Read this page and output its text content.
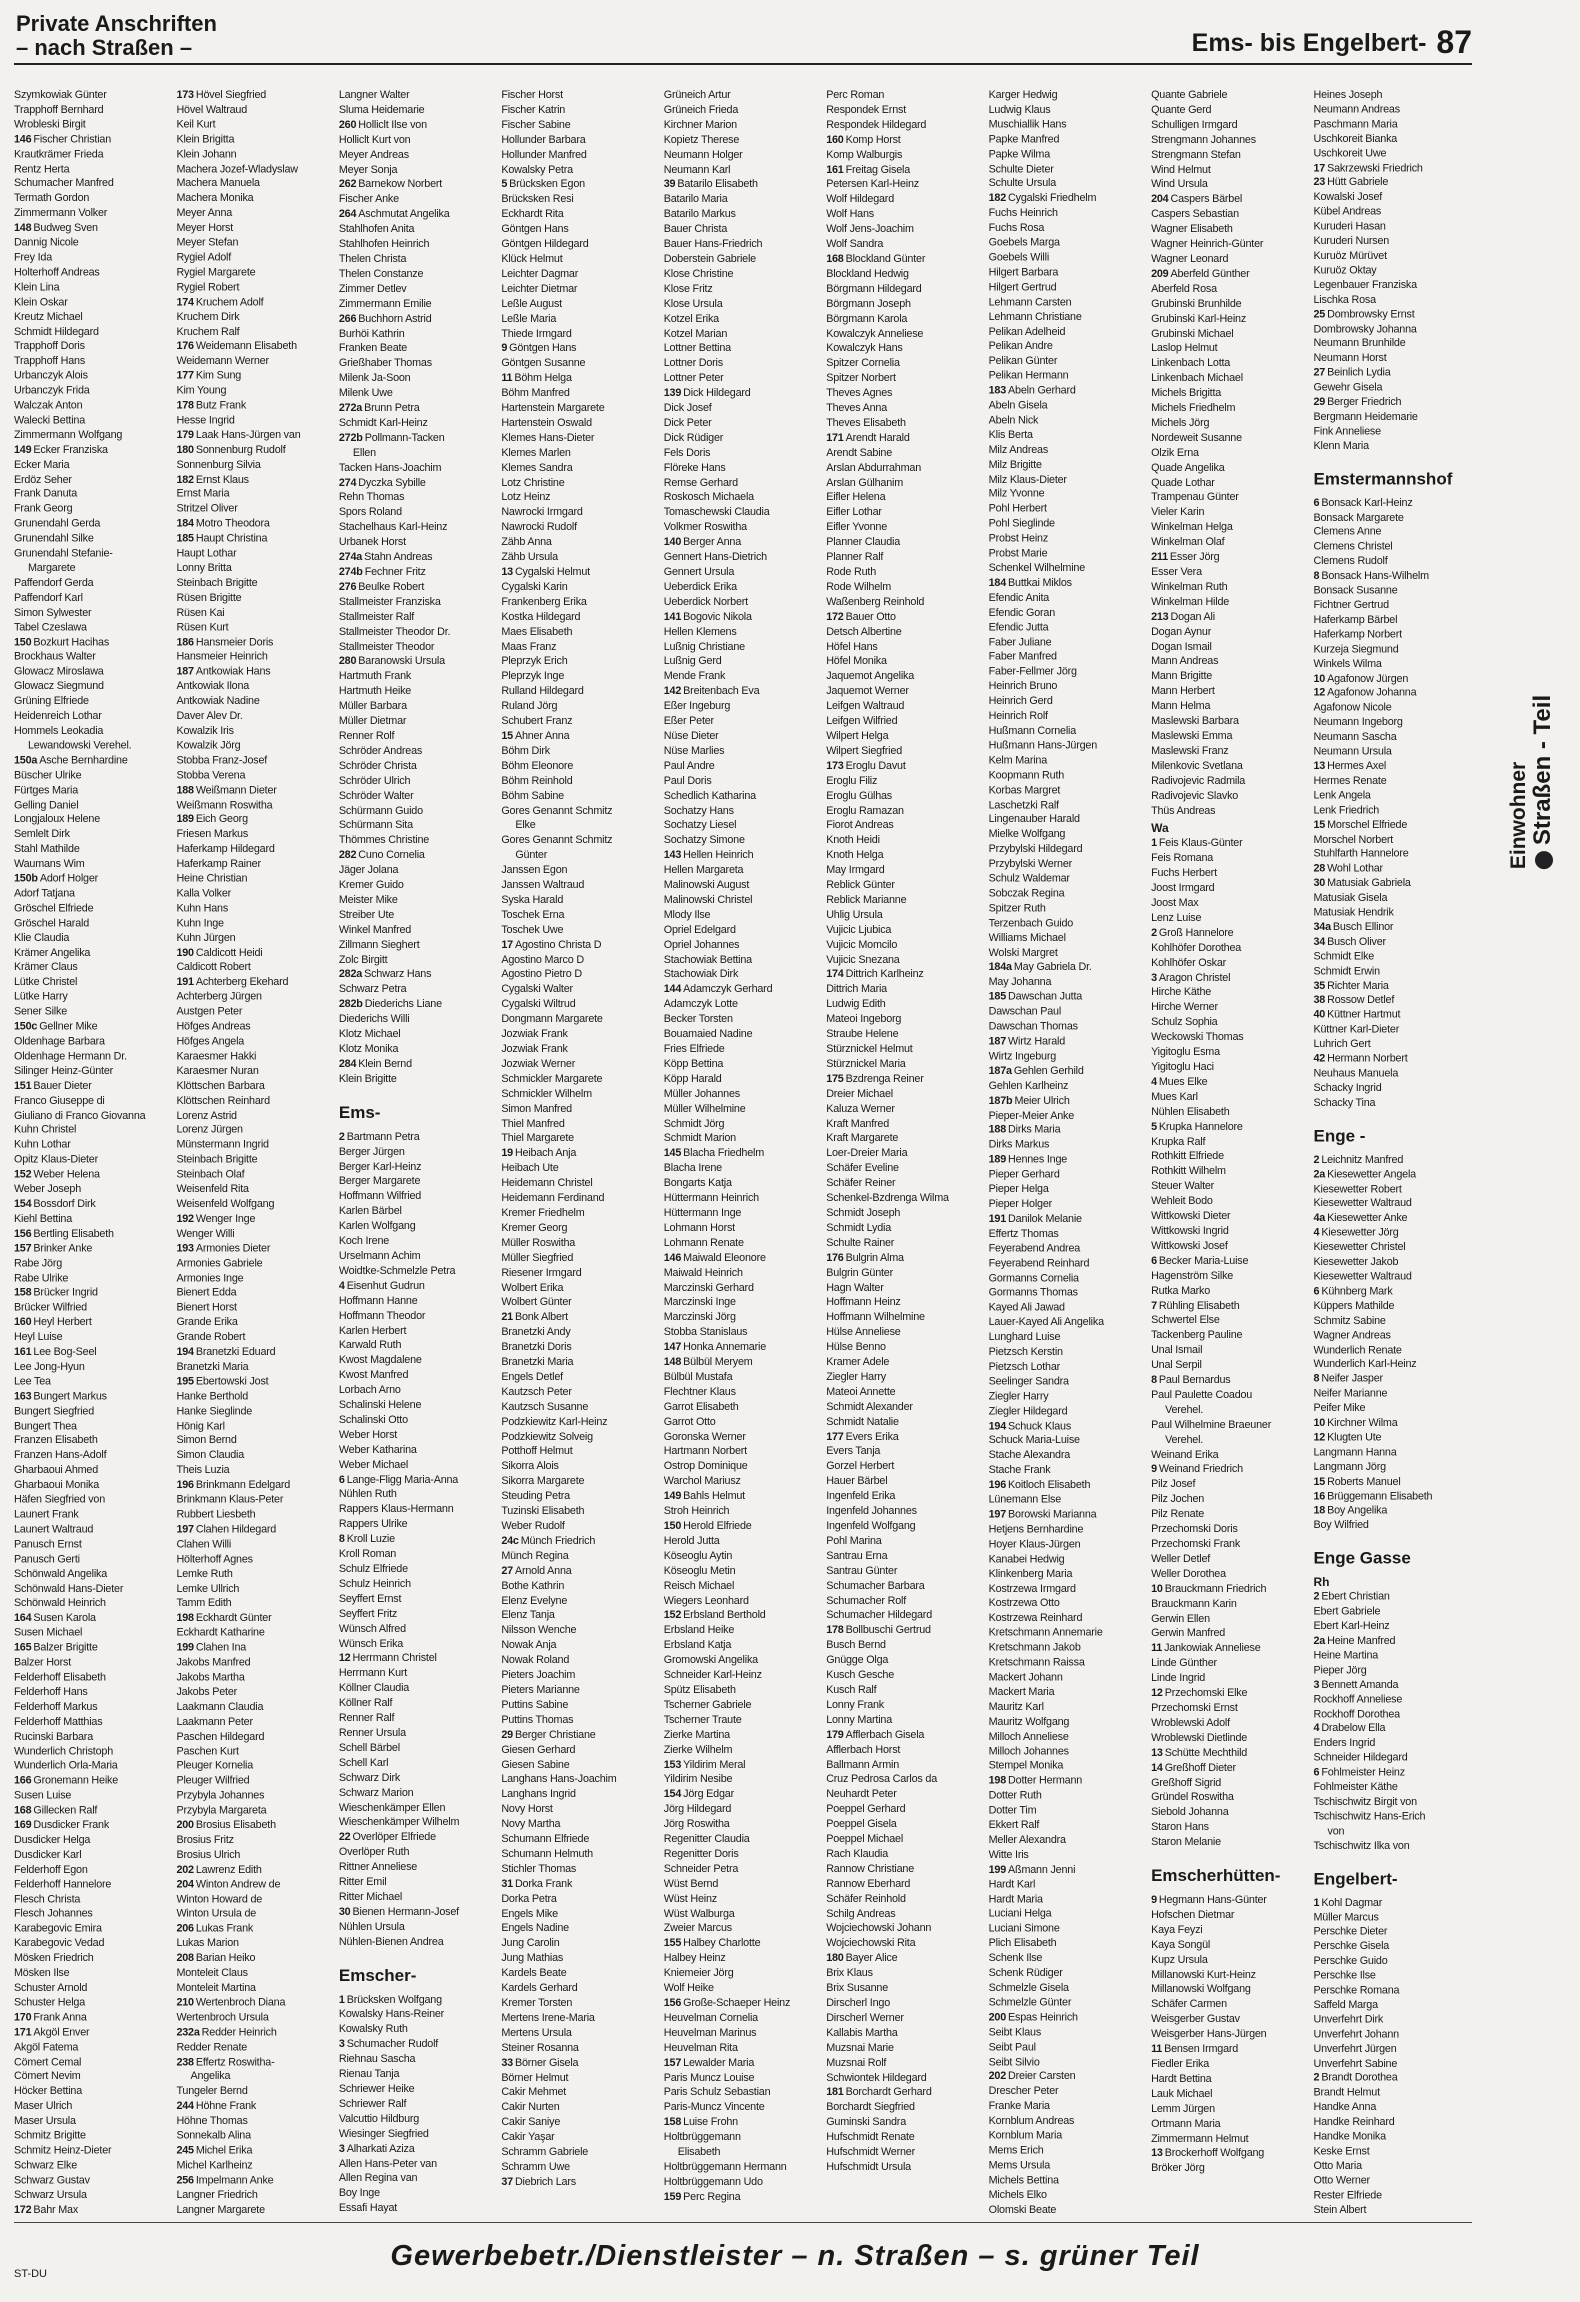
Private Anschriften
– nach Straßen –	Ems- bis Engelbert- 87
Szymkowiak Günter
Trapphoff Bernhard
Wrobleski Birgit
146 Fischer Christian
Krautkrämer Frieda
Rentz Herta
Schumacher Manfred
Termath Gordon
Zimmermann Volker
148 Budweg Sven
Dannig Nicole
Frey Ida
Holterhoff Andreas
Klein Lina
Klein Oskar
Kreutz Michael
Schmidt Hildegard
Trapphoff Doris
Trapphoff Hans
Urbanczyk Alois
Urbanczyk Frida
Walczak Anton
Walecki Bettina
Zimmermann Wolfgang
149 Ecker Franziska
Ecker Maria
Erdöz Seher
Frank Danuta
Frank Georg
Grunendahl Gerda
Grunendahl Silke
Grunendahl Stefanie-
Margarete
Paffendorf Gerda
Paffendorf Karl
Simon Sylwester
Tabel Czeslawa
150 Bozkurt Hacihas
Brockhaus Walter
Glowacz Miroslawa
Glowacz Siegmund
Grüning Elfriede
Heidenreich Lothar
Hommels Leokadia
Lewandowski Verehel.
150a Asche Bernhardine
Büscher Ulrike
Fürtges Maria
Gelling Daniel
Longjaloux Helene
Semlelt Dirk
Stahl Mathilde
Waumans Wim
150b Adorf Holger
Adorf Tatjana
Gröschel Elfriede
Gröschel Harald
Klie Claudia
Krämer Angelika
Krämer Claus
Lütke Christel
Lütke Harry
Sener Silke
150c Gellner Mike
Oldenhage Barbara
Oldenhage Hermann Dr.
Silinger Heinz-Günter
151 Bauer Dieter
Franco Giuseppe di
Giuliano di Franco Giovanna
Kuhn Christel
Kuhn Lothar
Opitz Klaus-Dieter
152 Weber Helena
Weber Joseph
154 Bossdorf Dirk
Kiehl Bettina
156 Bertling Elisabeth
157 Brinker Anke
Rabe Jörg
Rabe Ulrike
158 Brücker Ingrid
Brücker Wilfried
160 Heyl Herbert
Heyl Luise
161 Lee Bog-Seel
Lee Jong-Hyun
Lee Tea
163 Bungert Markus
Bungert Siegfried
Bungert Thea
Franzen Elisabeth
Franzen Hans-Adolf
Gharbaoui Ahmed
Gharbaoui Monika
Häfen Siegfried von
Launert Frank
Launert Waltraud
Panusch Ernst
Panusch Gerti
Schönwald Angelika
Schönwald Hans-Dieter
Schönwald Heinrich
164 Susen Karola
Susen Michael
165 Balzer Brigitte
Balzer Horst
Felderhoff Elisabeth
Felderhoff Hans
Felderhoff Markus
Felderhoff Matthias
Rucinski Barbara
Wunderlich Christoph
Wunderlich Orla-Maria
166 Gronemann Heike
Susen Luise
168 Gillecken Ralf
169 Dusdicker Frank
Dusdicker Helga
Dusdicker Karl
Felderhoff Egon
Felderhoff Hannelore
Flesch Christa
Flesch Johannes
Karabegovic Emira
Karabegovic Vedad
Mösken Friedrich
Mösken Ilse
Schuster Arnold
Schuster Helga
170 Frank Anna
171 Akgöl Enver
Akgöl Fatema
Cömert Cemal
Cömert Nevim
Höcker Bettina
Maser Ulrich
Maser Ursula
Schmitz Brigitte
Schmitz Heinz-Dieter
Schwarz Elke
Schwarz Gustav
Schwarz Ursula
172 Bahr Max
173 Hövel Siegfried
Hövel Waltraud
Keil Kurt
Klein Brigitta
Klein Johann
Machera Jozef-Wladyslaw
Machera Manuela
Machera Monika
Meyer Anna
Meyer Horst
Meyer Stefan
Rygiel Adolf
Rygiel Margarete
Rygiel Robert
174 Kruchem Adolf
Kruchem Dirk
Kruchem Ralf
176 Weidemann Elisabeth
Weidemann Werner
177 Kim Sung
Kim Young
178 Butz Frank
Hesse Ingrid
179 Laak Hans-Jürgen van
180 Sonnenburg Rudolf
Sonnenburg Silvia
182 Ernst Klaus
Ernst Maria
Stritzel Oliver
184 Motro Theodora
185 Haupt Christina
Haupt Lothar
Lonny Britta
Steinbach Brigitte
Rüsen Brigitte
Rüsen Kai
Rüsen Kurt
186 Hansmeier Doris
Hansmeier Heinrich
187 Antkowiak Hans
Antkowiak Ilona
Antkowiak Nadine
Daver Alev Dr.
Kowalzik Iris
Kowalzik Jörg
Stobba Franz-Josef
Stobba Verena
188 Weißmann Dieter
Weißmann Roswitha
189 Eich Georg
Friesen Markus
Haferkamp Hildegard
Haferkamp Rainer
Heine Christian
Kalla Volker
Kuhn Hans
Kuhn Inge
Kuhn Jürgen
190 Caldicott Heidi
Caldicott Robert
191 Achterberg Ekehard
Achterberg Jürgen
Austgen Peter
Höfges Andreas
Höfges Angela
Karaesmer Hakki
Karaesmer Nuran
Klöttschen Barbara
Klöttschen Reinhard
Lorenz Astrid
Lorenz Jürgen
Münstermann Ingrid
Steinbach Brigitte
Steinbach Olaf
Weisenfeld Rita
Weisenfeld Wolfgang
192 Wenger Inge
Wenger Willi
193 Armonies Dieter
Armonies Gabriele
Armonies Inge
Bienert Edda
Bienert Horst
Grande Erika
Grande Robert
194 Branetzki Eduard
Branetzki Maria
195 Ebertowski Jost
Hanke Berthold
Hanke Sieglinde
Hönig Karl
Simon Bernd
Simon Claudia
Theis Luzia
196 Brinkmann Edelgard
Brinkmann Klaus-Peter
Rubbert Liesbeth
197 Clahen Hildegard
Clahen Willi
Hölterhoff Agnes
Lemke Ruth
Lemke Ullrich
Tamm Edith
198 Eckhardt Günter
Eckhardt Katharine
199 Clahen Ina
Jakobs Manfred
Jakobs Martha
Jakobs Peter
Laakmann Claudia
Laakmann Peter
Paschen Hildegard
Paschen Kurt
Pleuger Kornelia
Pleuger Wilfried
Przybyla Johannes
Przybyla Margareta
200 Brosius Elisabeth
Brosius Fritz
Brosius Ulrich
202 Lawrenz Edith
204 Winton Andrew de
Winton Howard de
Winton Ursula de
206 Lukas Frank
Lukas Marion
208 Barian Heiko
Monteleit Claus
Monteleit Martina
210 Wertenbroch Diana
Wertenbroch Ursula
232a Redder Heinrich
Redder Renate
238 Effertz Roswitha-
Angelika
Tungeler Bernd
244 Höhne Frank
Höhne Thomas
Sonnekalb Alina
245 Michel Erika
Michel Karlheinz
256 Impelmann Anke
Langner Friedrich
Langner Margarete
Langner Walter
Sluma Heidemarie
260 Holliclt Ilse von
Holliclt Kurt von
Meyer Andreas
Meyer Sonja
262 Barnekow Norbert
Fischer Anke
264 Aschmutat Angelika
Stahlhofen Anita
Stahlhofen Heinrich
Thelen Christa
Thelen Constanze
Zimmer Detlev
Zimmermann Emilie
266 Buchhorn Astrid
Burhöi Kathrin
Franken Beate
Grießhaber Thomas
Milenk Ja-Soon
Milenk Uwe
272a Brunn Petra
Schmidt Karl-Heinz
272b Pollmann-Tacken
Ellen
Tacken Hans-Joachim
274 Dyczka Sybille
Rehn Thomas
Spors Roland
Stachelhaus Karl-Heinz
Urbanek Horst
274a Stahn Andreas
274b Fechner Fritz
276 Beulke Robert
Stallmeister Franziska
Stallmeister Ralf
Stallmeister Theodor Dr.
Stallmeister Theodor
280 Baranowski Ursula
Hartmuth Frank
Hartmuth Heike
Müller Barbara
Müller Dietmar
Renner Rolf
Schröder Andreas
Schröder Christa
Schröder Ulrich
Schröder Walter
Schürmann Guido
Schürmann Sita
Thömmes Christine
282 Cuno Cornelia
Jäger Jolana
Kremer Guido
Meister Mike
Streiber Ute
Winkel Manfred
Zillmann Sieghert
Zolc Birgitt
282a Schwarz Hans
Schwarz Petra
282b Diederichs Liane
Diederichs Willi
Klotz Michael
Klotz Monika
284 Klein Bernd
Klein Brigitte
Ems-
2 Bartmann Petra
Berger Jürgen
Berger Karl-Heinz
Berger Margarete
Hoffmann Wilfried
Karlen Bärbel
Karlen Wolfgang
Koch Irene
Urselmann Achim
Woidtke-Schmelzle Petra
4 Eisenhut Gudrun
Hoffmann Hanne
Hoffmann Theodor
Karlen Herbert
Karwald Ruth
Kwost Magdalene
Kwost Manfred
Lorbach Arno
Schalinski Helene
Schalinski Otto
Weber Horst
Weber Katharina
Weber Michael
6 Lange-Fligg Maria-Anna
Nühlen Ruth
Rappers Klaus-Hermann
Rappers Ulrike
8 Kroll Luzie
Kroll Roman
Schulz Elfriede
Schulz Heinrich
Seyffert Ernst
Seyffert Fritz
Wünsch Alfred
Wünsch Erika
12 Herrmann Christel
Herrmann Kurt
Köllner Claudia
Köllner Ralf
Renner Ralf
Renner Ursula
Schell Bärbel
Schell Karl
Schwarz Dirk
Schwarz Marion
Wieschenkämper Ellen
Wieschenkämper Wilhelm
22 Overlöper Elfriede
Overlöper Ruth
Rittner Anneliese
Ritter Emil
Ritter Michael
30 Bienen Hermann-Josef
Nühlen Ursula
Nühlen-Bienen Andrea
Emscher-
1 Brücksken Wolfgang
Kowalsky Hans-Reiner
Kowalsky Ruth
3 Schumacher Rudolf
Riehnau Sascha
Rienau Tanja
Schriewer Heike
Schriewer Ralf
Valcuttio Hildburg
Wiesinger Siegfried
3 Alharkati Aziza
Allen Hans-Peter van
Allen Regina van
Boy Inge
Essafi Hayat
Fischer Horst
Fischer Katrin
Fischer Sabine
Hollunder Barbara
Hollunder Manfred
Kowalsky Petra
5 Brücksken Egon
Brücksken Resi
Eckhardt Rita
Göntgen Hans
Göntgen Hildegard
Klück Helmut
Leichter Dagmar
Leichter Dietmar
Leßle August
Leßle Maria
Thiede Irmgard
9 Göntgen Hans
Göntgen Susanne
11 Böhm Helga
Böhm Manfred
Hartenstein Margarete
Hartenstein Oswald
Klemes Hans-Dieter
Klemes Marlen
Klemes Sandra
Lotz Christine
Lotz Heinz
Nawrocki Irmgard
Nawrocki Rudolf
Zähb Anna
Zähb Ursula
13 Cygalski Helmut
Cygalski Karin
Frankenberg Erika
Kostka Hildegard
Maes Elisabeth
Maas Franz
Pleprzyk Erich
Pleprzyk Inge
Rulland Hildegard
Ruland Jörg
Schubert Franz
15 Ahner Anna
Böhm Dirk
Böhm Eleonore
Böhm Reinhold
Böhm Sabine
Gores Genannt Schmitz
Elke
Gores Genannt Schmitz
Günter
Janssen Egon
Janssen Waltraud
Syska Harald
Toschek Erna
Toschek Uwe
17 Agostino Christa D
Agostino Marco D
Agostino Pietro D
Cygalski Walter
Cygalski Wiltrud
Dongmann Margarete
Jozwiak Frank
Jozwiak Frank
Jozwiak Werner
Schmickler Margarete
Schmickler Wilhelm
Simon Manfred
Thiel Manfred
Thiel Margarete
19 Heibach Anja
Heibach Ute
Heidemann Christel
Heidemann Ferdinand
Kremer Friedhelm
Kremer Georg
Müller Roswitha
Müller Siegfried
Riesener Irmgard
Wolbert Erika
Wolbert Günter
21 Bonk Albert
Branetzki Andy
Branetzki Doris
Branetzki Maria
Engels Detlef
Kautzsch Peter
Kautzsch Susanne
Podzkiewitz Karl-Heinz
Podzkiewitz Solveig
Potthoff Helmut
Sikorra Alois
Sikorra Margarete
Steuding Petra
Tuzinski Elisabeth
Weber Rudolf
24c Münch Friedrich
Münch Regina
27 Arnold Anna
Bothe Kathrin
Elenz Evelyne
Elenz Tanja
Nilsson Wenche
Nowak Anja
Nowak Roland
Pieters Joachim
Pieters Marianne
Puttins Sabine
Puttins Thomas
29 Berger Christiane
Giesen Gerhard
Giesen Sabine
Langhans Hans-Joachim
Langhans Ingrid
Novy Horst
Novy Martha
Schumann Elfriede
Schumann Helmuth
Stichler Thomas
31 Dorka Frank
Dorka Petra
Engels Mike
Engels Nadine
Jung Carolin
Jung Mathias
Kardels Beate
Kardels Gerhard
Kremer Torsten
Mertens Irene-Maria
Mertens Ursula
Steiner Rosanna
33 Börner Gisela
Börner Helmut
Cakir Mehmet
Cakir Nurten
Cakir Saniye
Cakir Yaşar
Schramm Gabriele
Schramm Uwe
37 Diebrich Lars
Grüneich Artur
Grüneich Frieda
Kirchner Marion
Kopietz Therese
Neumann Holger
Neumann Karl
39 Batarilo Elisabeth
Batarilo Maria
Batarilo Markus
Bauer Christa
Bauer Hans-Friedrich
Doberstein Gabriele
Klose Christine
Klose Fritz
Klose Ursula
Kotzel Erika
Kotzel Marian
Lottner Bettina
Lottner Doris
Lottner Peter
139 Dick Hildegard
Dick Josef
Dick Peter
Dick Rüdiger
Fels Doris
Flöreke Hans
Remse Gerhard
Roskosch Michaela
Tomaschewski Claudia
Volkmer Roswitha
140 Berger Anna
Gennert Hans-Dietrich
Gennert Ursula
Ueberdick Erika
Ueberdick Norbert
141 Bogovic Nikola
Hellen Klemens
Lußnig Christiane
Lußnig Gerd
Mende Frank
142 Breitenbach Eva
Eßer Ingeburg
Eßer Peter
Nüse Dieter
Nüse Marlies
Paul Andre
Paul Doris
Schedlich Katharina
Sochatzy Hans
Sochatzy Liesel
Sochatzy Simone
143 Hellen Heinrich
Hellen Margareta
Malinowski August
Malinowski Christel
Mlody Ilse
Opriel Edelgard
Opriel Johannes
Stachowiak Bettina
Stachowiak Dirk
144 Adamczyk Gerhard
Adamczyk Lotte
Becker Torsten
Bouamaied Nadine
Fries Elfriede
Köpp Bettina
Köpp Harald
Müller Johannes
Müller Wilhelmine
Schmidt Jörg
Schmidt Marion
145 Blacha Friedhelm
Blacha Irene
Bongarts Katja
Hüttermann Heinrich
Hüttermann Inge
Lohmann Horst
Lohmann Renate
146 Maiwald Eleonore
Maiwald Heinrich
Marczinski Gerhard
Marczinski Inge
Marczinski Jörg
Stobba Stanislaus
147 Honka Annemarie
148 Bülbül Meryem
Bülbül Mustafa
Flechtner Klaus
Garrot Elisabeth
Garrot Otto
Goronska Werner
Hartmann Norbert
Ostrop Dominique
Warchol Mariusz
149 Bahls Helmut
Stroh Heinrich
150 Herold Elfriede
Herold Jutta
Köseoglu Aytin
Köseoglu Metin
Reisch Michael
Wiegers Leonhard
152 Erbsland Berthold
Erbsland Heike
Erbsland Katja
Gromowski Angelika
Schneider Karl-Heinz
Spütz Elisabeth
Tscherner Gabriele
Tscherner Traute
Zierke Martina
Zierke Wilhelm
153 Yildirim Meral
Yildirim Nesibe
154 Jörg Edgar
Jörg Hildegard
Jörg Roswitha
Regenitter Claudia
Regenitter Doris
Schneider Petra
Wüst Bernd
Wüst Heinz
Wüst Walburga
Zweier Marcus
155 Halbey Charlotte
Halbey Heinz
Kniemeier Jörg
Wolf Heike
156 Große-Schaeper Heinz
Heuvelman Cornelia
Heuvelman Marinus
Heuvelman Rita
157 Lewalder Maria
Paris Muncz Louise
Paris Schulz Sebastian
Paris-Muncz Vincente
158 Luise Frohn
Holtbrüggemann
Elisabeth
Holtbrüggemann Hermann
Holtbrüggemann Udo
159 Perc Regina
Perc Roman
Respondek Ernst
Respondek Hildegard
160 Komp Horst
Komp Walburgis
161 Freitag Gisela
Petersen Karl-Heinz
Wolf Hildegard
Wolf Hans
Wolf Jens-Joachim
Wolf Sandra
168 Blockland Günter
Blockland Hedwig
Börgmann Hildegard
Börgmann Joseph
Börgmann Karola
Kowalczyk Anneliese
Kowalczyk Hans
Spitzer Cornelia
Spitzer Norbert
Theves Agnes
Theves Anna
Theves Elisabeth
171 Arendt Harald
Arendt Sabine
Arslan Abdurrahman
Arslan Gülhanim
Eifler Helena
Eifler Lothar
Eifler Yvonne
Planner Claudia
Planner Ralf
Rode Ruth
Rode Wilhelm
Waßenberg Reinhold
172 Bauer Otto
Detsch Albertine
Höfel Hans
Höfel Monika
Jaquemot Angelika
Jaquemot Werner
Leifgen Waltraud
Leifgen Wilfried
Wilpert Helga
Wilpert Siegfried
173 Eroglu Davut
Eroglu Filiz
Eroglu Gülhas
Eroglu Ramazan
Fiorot Andreas
Knoth Heidi
Knoth Helga
May Irmgard
Reblick Günter
Reblick Marianne
Uhlig Ursula
Vujicic Ljubica
Vujicic Momcilo
Vujicic Snezana
174 Dittrich Karlheinz
Dittrich Maria
Ludwig Edith
Mateoi Ingeborg
Straube Helene
Stürznickel Helmut
Stürznickel Maria
175 Bzdrenga Reiner
Dreier Michael
Kaluza Werner
Kraft Manfred
Kraft Margarete
Loer-Dreier Maria
Schäfer Eveline
Schäfer Reiner
Schenkel-Bzdrenga Wilma
Schmidt Joseph
Schmidt Lydia
Schulte Rainer
176 Bulgrin Alma
Bulgrin Günter
Hagn Walter
Hoffmann Heinz
Hoffmann Wilhelmine
Hülse Anneliese
Hülse Benno
Kramer Adele
Ziegler Harry
Mateoi Annette
Schmidt Alexander
Schmidt Natalie
177 Evers Erika
Evers Tanja
Gorzel Herbert
Hauer Bärbel
Ingenfeld Erika
Ingenfeld Johannes
Ingenfeld Wolfgang
Pohl Marina
Santrau Erna
Santrau Günter
Schumacher Barbara
Schumacher Rolf
Schumacher Hildegard
178 Bollbuschi Gertrud
Busch Bernd
Gnügge Olga
Kusch Gesche
Kusch Ralf
Lonny Frank
Lonny Martina
179 Afflerbach Gisela
Afflerbach Horst
Ballmann Armin
Cruz Pedrosa Carlos da
Neuhardt Peter
Poeppel Gerhard
Poeppel Gisela
Poeppel Michael
Rach Klaudia
Rannow Christiane
Rannow Eberhard
Schäfer Reinhold
Schilg Andreas
Wojciechowski Johann
Wojciechowski Rita
180 Bayer Alice
Brix Klaus
Brix Susanne
Dirscherl Ingo
Dirscherl Werner
Kallabis Martha
Muzsnai Marie
Muzsnai Rolf
Schwiontek Hildegard
181 Borchardt Gerhard
Borchardt Siegfried
Guminski Sandra
Hufschmidt Renate
Hufschmidt Werner
Hufschmidt Ursula
Karger Hedwig
Ludwig Klaus
Muschiallik Hans
Papke Manfred
Papke Wilma
Schulte Dieter
Schulte Ursula
182 Cygalski Friedhelm
Fuchs Heinrich
Fuchs Rosa
Goebels Marga
Goebels Willi
Hilgert Barbara
Hilgert Gertrud
Lehmann Carsten
Lehmann Christiane
Pelikan Adelheid
Pelikan Andre
Pelikan Günter
Pelikan Hermann
183 Abeln Gerhard
Abeln Gisela
Abeln Nick
Klis Berta
Milz Andreas
Milz Brigitte
Milz Klaus-Dieter
Milz Yvonne
Pohl Herbert
Pohl Sieglinde
Probst Heinz
Probst Marie
Schenkel Wilhelmine
184 Buttkai Miklos
Efendic Anita
Efendic Goran
Efendic Jutta
Faber Juliane
Faber Manfred
Faber-Fellmer Jörg
Heinrich Bruno
Heinrich Gerd
Heinrich Rolf
Hußmann Cornelia
Hußmann Hans-Jürgen
Kelm Marina
Koopmann Ruth
Korbas Margret
Laschetzki Ralf
Lingenauber Harald
Mielke Wolfgang
Przybylski Hildegard
Przybylski Werner
Schulz Waldemar
Sobczak Regina
Spitzer Ruth
Terzenbach Guido
Williams Michael
Wolski Margret
184a May Gabriela Dr.
May Johanna
185 Dawschan Jutta
Dawschan Paul
Dawschan Thomas
187 Wirtz Harald
Wirtz Ingeburg
187a Gehlen Gerhild
Gehlen Karlheinz
187b Meier Ulrich
Pieper-Meier Anke
188 Dirks Maria
Dirks Markus
189 Hennes Inge
Pieper Gerhard
Pieper Helga
Pieper Holger
191 Danilok Melanie
Effertz Thomas
Feyerabend Andrea
Feyerabend Reinhard
Gormanns Cornelia
Gormanns Thomas
Kayed Ali Jawad
Lauer-Kayed Ali Angelika
Lunghard Luise
Pietzsch Kerstin
Pietzsch Lothar
Seelinger Sandra
Ziegler Harry
Ziegler Hildegard
194 Schuck Klaus
Schuck Maria-Luise
Stache Alexandra
Stache Frank
196 Koitloch Elisabeth
Lünemann Else
197 Borowski Marianna
Hetjens Bernhardine
Hoyer Klaus-Jürgen
Kanabei Hedwig
Klinkenberg Maria
Kostrzewa Irmgard
Kostrzewa Otto
Kostrzewa Reinhard
Kretschmann Annemarie
Kretschmann Jakob
Kretschmann Raissa
Mackert Johann
Mackert Maria
Mauritz Karl
Mauritz Wolfgang
Milloch Anneliese
Milloch Johannes
Stempel Monika
198 Dotter Hermann
Dotter Ruth
Dotter Tim
Ekkert Ralf
Meller Alexandra
Witte Iris
199 Aßmann Jenni
Hardt Karl
Hardt Maria
Luciani Helga
Luciani Simone
Plich Elisabeth
Schenk Ilse
Schenk Rüdiger
Schmelzle Gisela
Schmelzle Günter
200 Espas Heinrich
Seibt Klaus
Seibt Paul
Seibt Silvio
202 Dreier Carsten
Drescher Peter
Franke Maria
Kornblum Andreas
Kornblum Maria
Mems Erich
Mems Ursula
Michels Bettina
Michels Elko
Olomski Beate
Quante Gabriele
Quante Gerd
Schulligen Irmgard
Strengmann Johannes
Strengmann Stefan
Wind Helmut
Wind Ursula
204 Caspers Bärbel
Caspers Sebastian
Wagner Elisabeth
Wagner Heinrich-Günter
Wagner Leonard
209 Aberfeld Günther
Aberfeld Rosa
Grubinski Brunhilde
Grubinski Karl-Heinz
Grubinski Michael
Laslop Helmut
Linkenbach Lotta
Linkenbach Michael
Michels Brigitta
Michels Friedhelm
Michels Jörg
Nordeweit Susanne
Olzik Erna
Quade Angelika
Quade Lothar
Trampenau Günter
Vieler Karin
Winkelman Helga
Winkelman Olaf
211 Esser Jörg
Esser Vera
Winkelman Ruth
Winkelman Hilde
213 Dogan Ali
Dogan Aynur
Dogan Ismail
Mann Andreas
Mann Brigitte
Mann Herbert
Mann Helma
Maslewski Barbara
Maslewski Emma
Maslewski Franz
Milenkovic Svetlana
Radivojevic Radmila
Radivojevic Slavko
Thüs Andreas
Wa
1 Feis Klaus-Günter
Feis Romana
Fuchs Herbert
Joost Irmgard
Joost Max
Lenz Luise
2 Groß Hannelore
Kohlhöfer Dorothea
Kohlhöfer Oskar
3 Aragon Christel
Hirche Käthe
Hirche Werner
Schulz Sophia
Weckowski Thomas
Yigitoglu Esma
Yigitoglu Haci
4 Mues Elke
Mues Karl
Nühlen Elisabeth
5 Krupka Hannelore
Krupka Ralf
Rothkitt Elfriede
Rothkitt Wilhelm
Steuer Walter
Wehleit Bodo
Wittkowski Dieter
Wittkowski Ingrid
Wittkowski Josef
6 Becker Maria-Luise
Hagenström Silke
Rutka Marko
7 Rühling Elisabeth
Schwertel Else
Tackenberg Pauline
Unal Ismail
Unal Serpil
8 Paul Bernardus
Paul Paulette Coadou
Verehel.
Paul Wilhelmine Braeuner
Verehel.
Weinand Erika
9 Weinand Friedrich
Pilz Josef
Pilz Jochen
Pilz Renate
Przechomski Doris
Przechomski Frank
Weller Detlef
Weller Dorothea
10 Brauckmann Friedrich
Brauckmann Karin
Gerwin Ellen
Gerwin Manfred
11 Jankowiak Anneliese
Linde Günther
Linde Ingrid
12 Przechomski Elke
Przechomski Ernst
Wroblewski Adolf
Wroblewski Dietlinde
13 Schütte Mechthild
14 Greßhoff Dieter
Greßhoff Sigrid
Gründel Roswitha
Siebold Johanna
Staron Hans
Staron Melanie
Emscherhütten-
9 Hegmann Hans-Günter
Hofschen Dietmar
Kaya Feyzi
Kaya Songül
Kupz Ursula
Millanowski Kurt-Heinz
Millanowski Wolfgang
Schäfer Carmen
Weisgerber Gustav
Weisgerber Hans-Jürgen
11 Bensen Irmgard
Fiedler Erika
Hardt Bettina
Lauk Michael
Lemm Jürgen
Ortmann Maria
Zimmermann Helmut
13 Brockerhoff Wolfgang
Bröker Jörg
Heines Joseph
Neumann Andreas
Paschmann Maria
Uschkoreit Bianka
Uschkoreit Uwe
17 Sakrzewski Friedrich
23 Hütt Gabriele
Kowalski Josef
Kübel Andreas
Kuruderi Hasan
Kuruderi Nursen
Kuruöz Mürüvet
Kuruöz Oktay
Legenbauer Franziska
Lischka Rosa
25 Dombrowsky Ernst
Dombrowsky Johanna
Neumann Brunhilde
Neumann Horst
27 Beinlich Lydia
Gewehr Gisela
29 Berger Friedrich
Bergmann Heidemarie
Fink Anneliese
Klenn Maria
Emstermannshof
6 Bonsack Karl-Heinz
Bonsack Margarete
Clemens Anne
Clemens Christel
Clemens Rudolf
8 Bonsack Hans-Wilhelm
Bonsack Susanne
Fichtner Gertrud
Haferkamp Bärbel
Haferkamp Norbert
Kurzeja Siegmund
Winkels Wilma
10 Agafonow Jürgen
12 Agafonow Johanna
Agafonow Nicole
Neumann Ingeborg
Neumann Sascha
Neumann Ursula
13 Hermes Axel
Hermes Renate
Lenk Angela
Lenk Friedrich
15 Morschel Elfriede
Morschel Norbert
Stuhlfarth Hannelore
28 Wohl Lothar
30 Matusiak Gabriela
Matusiak Gisela
Matusiak Hendrik
34a Busch Ellinor
34 Busch Oliver
Schmidt Elke
Schmidt Erwin
35 Richter Maria
38 Rossow Detlef
40 Küttner Hartmut
Küttner Karl-Dieter
Luhrich Gert
42 Hermann Norbert
Neuhaus Manuela
Schacky Ingrid
Schacky Tina
Enge -
2 Leichnitz Manfred
2a Kiesewetter Angela
Kiesewetter Robert
Kiesewetter Waltraud
4a Kiesewetter Anke
4 Kiesewetter Jörg
Kiesewetter Christel
Kiesewetter Jakob
Kiesewetter Waltraud
6 Kühnberg Mark
Küppers Mathilde
Schmitz Sabine
Wagner Andreas
Wunderlich Renate
Wunderlich Karl-Heinz
8 Neifer Jasper
Neifer Marianne
Peifer Mike
10 Kirchner Wilma
12 Klugten Ute
Langmann Hanna
Langmann Jörg
15 Roberts Manuel
16 Brüggemann Elisabeth
18 Boy Angelika
Boy Wilfried
Enge Gasse
Rh
2 Ebert Christian
Ebert Gabriele
Ebert Karl-Heinz
2a Heine Manfred
Heine Martina
Pieper Jörg
3 Bennett Amanda
Rockhoff Anneliese
Rockhoff Dorothea
4 Drabelow Ella
Enders Ingrid
Schneider Hildegard
6 Fohlmeister Heinz
Fohlmeister Käthe
Tschischwitz Birgit von
Tschischwitz Hans-Erich
von
Tschischwitz Ilka von
Engelbert-
1 Kohl Dagmar
Müller Marcus
Perschke Dieter
Perschke Gisela
Perschke Guido
Perschke Ilse
Perschke Romana
Saffeld Marga
Unverfehrt Dirk
Unverfehrt Johann
Unverfehrt Jürgen
Unverfehrt Sabine
2 Brandt Dorothea
Brandt Helmut
Handke Anna
Handke Reinhard
Handke Monika
Keske Ernst
Otto Maria
Otto Werner
Rester Elfriede
Stein Albert
Einwohner Straßen - Teil
ST-DU
Gewerbebetr./Dienstleister – n. Straßen – s. grüner Teil
